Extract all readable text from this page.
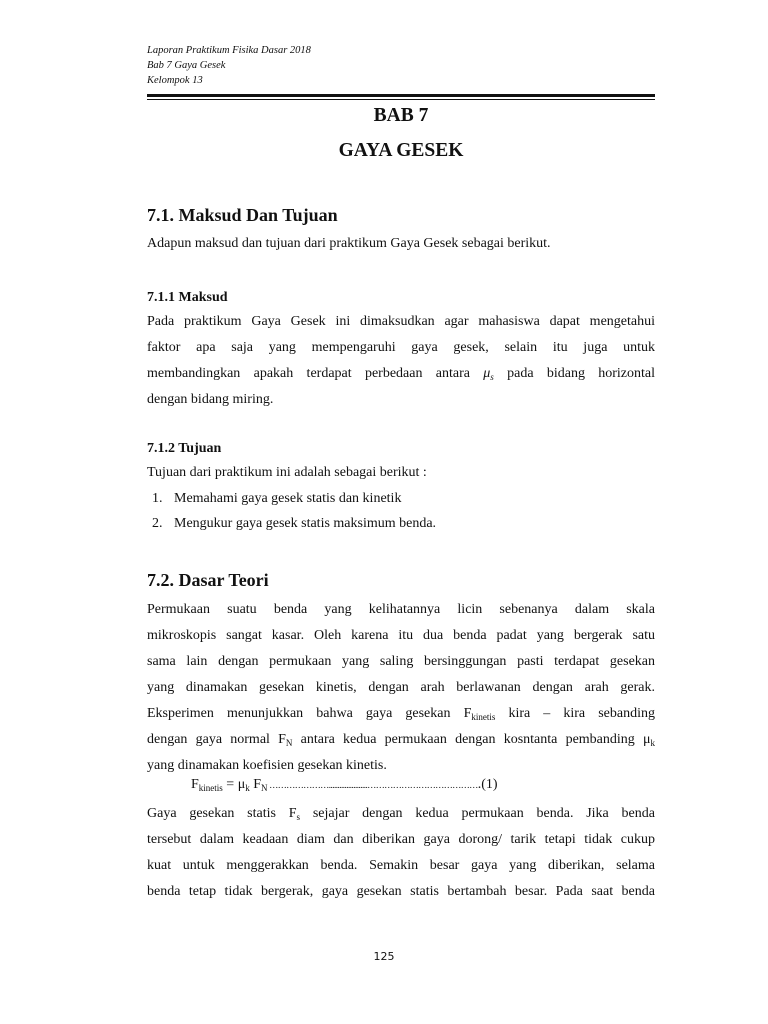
Laporan Praktikum Fisika Dasar 2018
Bab 7 Gaya Gesek
Kelompok 13
BAB 7
GAYA GESEK
7.1. Maksud Dan Tujuan
Adapun maksud dan tujuan dari praktikum Gaya Gesek sebagai berikut.
7.1.1 Maksud
Pada praktikum Gaya Gesek ini dimaksudkan agar mahasiswa dapat mengetahui
faktor apa saja yang mempengaruhi gaya gesek, selain itu juga untuk
membandingkan apakah terdapat perbedaan antara $\mu_s$ pada bidang horizontal
dengan bidang miring.
7.1.2 Tujuan
Tujuan dari praktikum ini adalah sebagai berikut :
1. Memahami gaya gesek statis dan kinetik
2. Mengukur gaya gesek statis maksimum benda.
7.2. Dasar Teori
Permukaan suatu benda yang kelihatannya licin sebenanya dalam skala
mikroskopis sangat kasar. Oleh karena itu dua benda padat yang bergerak satu
sama lain dengan permukaan yang saling bersinggungan pasti terdapat gesekan
yang dinamakan gesekan kinetis, dengan arah berlawanan dengan arah gerak.
Eksperimen menunjukkan bahwa gaya gesekan $F_{kinetis}$ kira – kira sebanding
dengan gaya normal $F_N$ antara kedua permukaan dengan kosntanta pembanding $\mu_k$
yang dinamakan koefisien gesekan kinetis.
$F_{kinetis} = \mu_k$ $F_N$ …………………......................………………………………….(1)
Gaya gesekan statis $F_s$ sejajar dengan kedua permukaan benda. Jika benda
tersebut dalam keadaan diam dan diberikan gaya dorong/ tarik tetapi tidak cukup
kuat untuk menggerakkan benda. Semakin besar gaya yang diberikan, selama
benda tetap tidak bergerak, gaya gesekan statis bertambah besar. Pada saat benda
125
